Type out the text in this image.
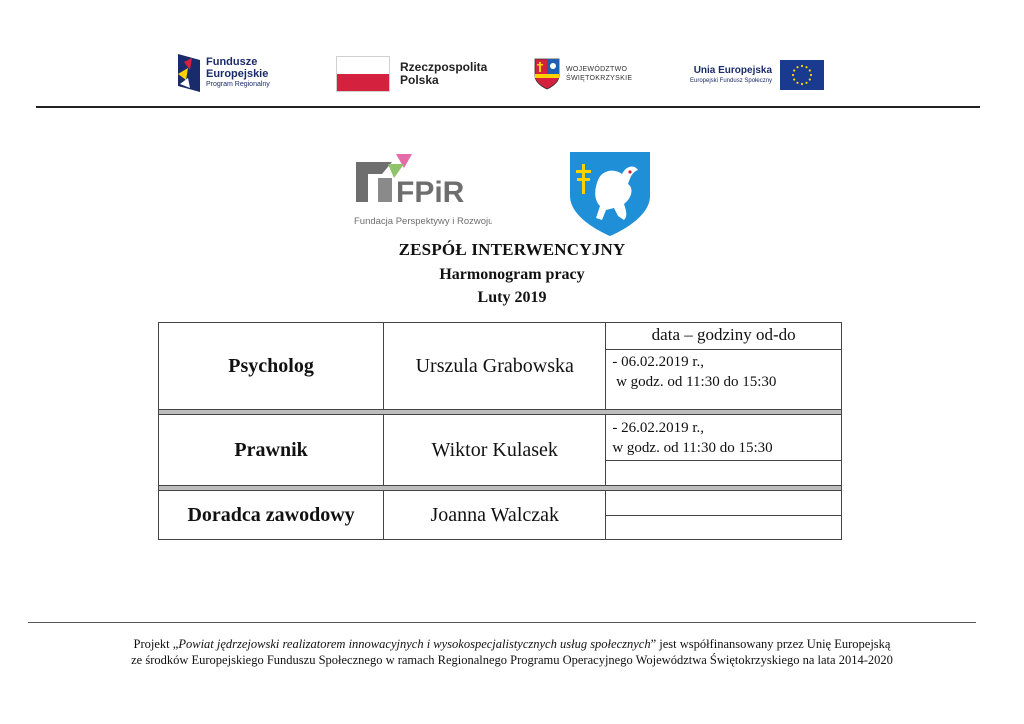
Fundusze
Europejskie
Program Regionalny
Rzeczpospolita
Polska
WOJEWÓDZTWO
ŚWIĘTOKRZYSKIE
Unia Europejska
Europejski Fundusz Społeczny
FPiR
Fundacja Perspektywy i Rozwoju
ZESPÓŁ INTERWENCYJNY
Harmonogram pracy
Luty 2019
Psycholog	Urszula Grabowska	data – godziny od-do
- 06.02.2019 r.,
w godz. od 11:30 do 15:30

Prawnik	Wiktor Kulasek	- 26.02.2019 r.,
w godz. od 11:30 do 15:30

Doradca zawodowy	Joanna Walczak	
Projekt „Powiat jędrzejowski realizatorem innowacyjnych i wysokospecjalistycznych usług społecznych” jest współfinansowany przez Unię Europejską
ze środków Europejskiego Funduszu Społecznego w ramach Regionalnego Programu Operacyjnego Województwa Świętokrzyskiego na lata 2014-2020
